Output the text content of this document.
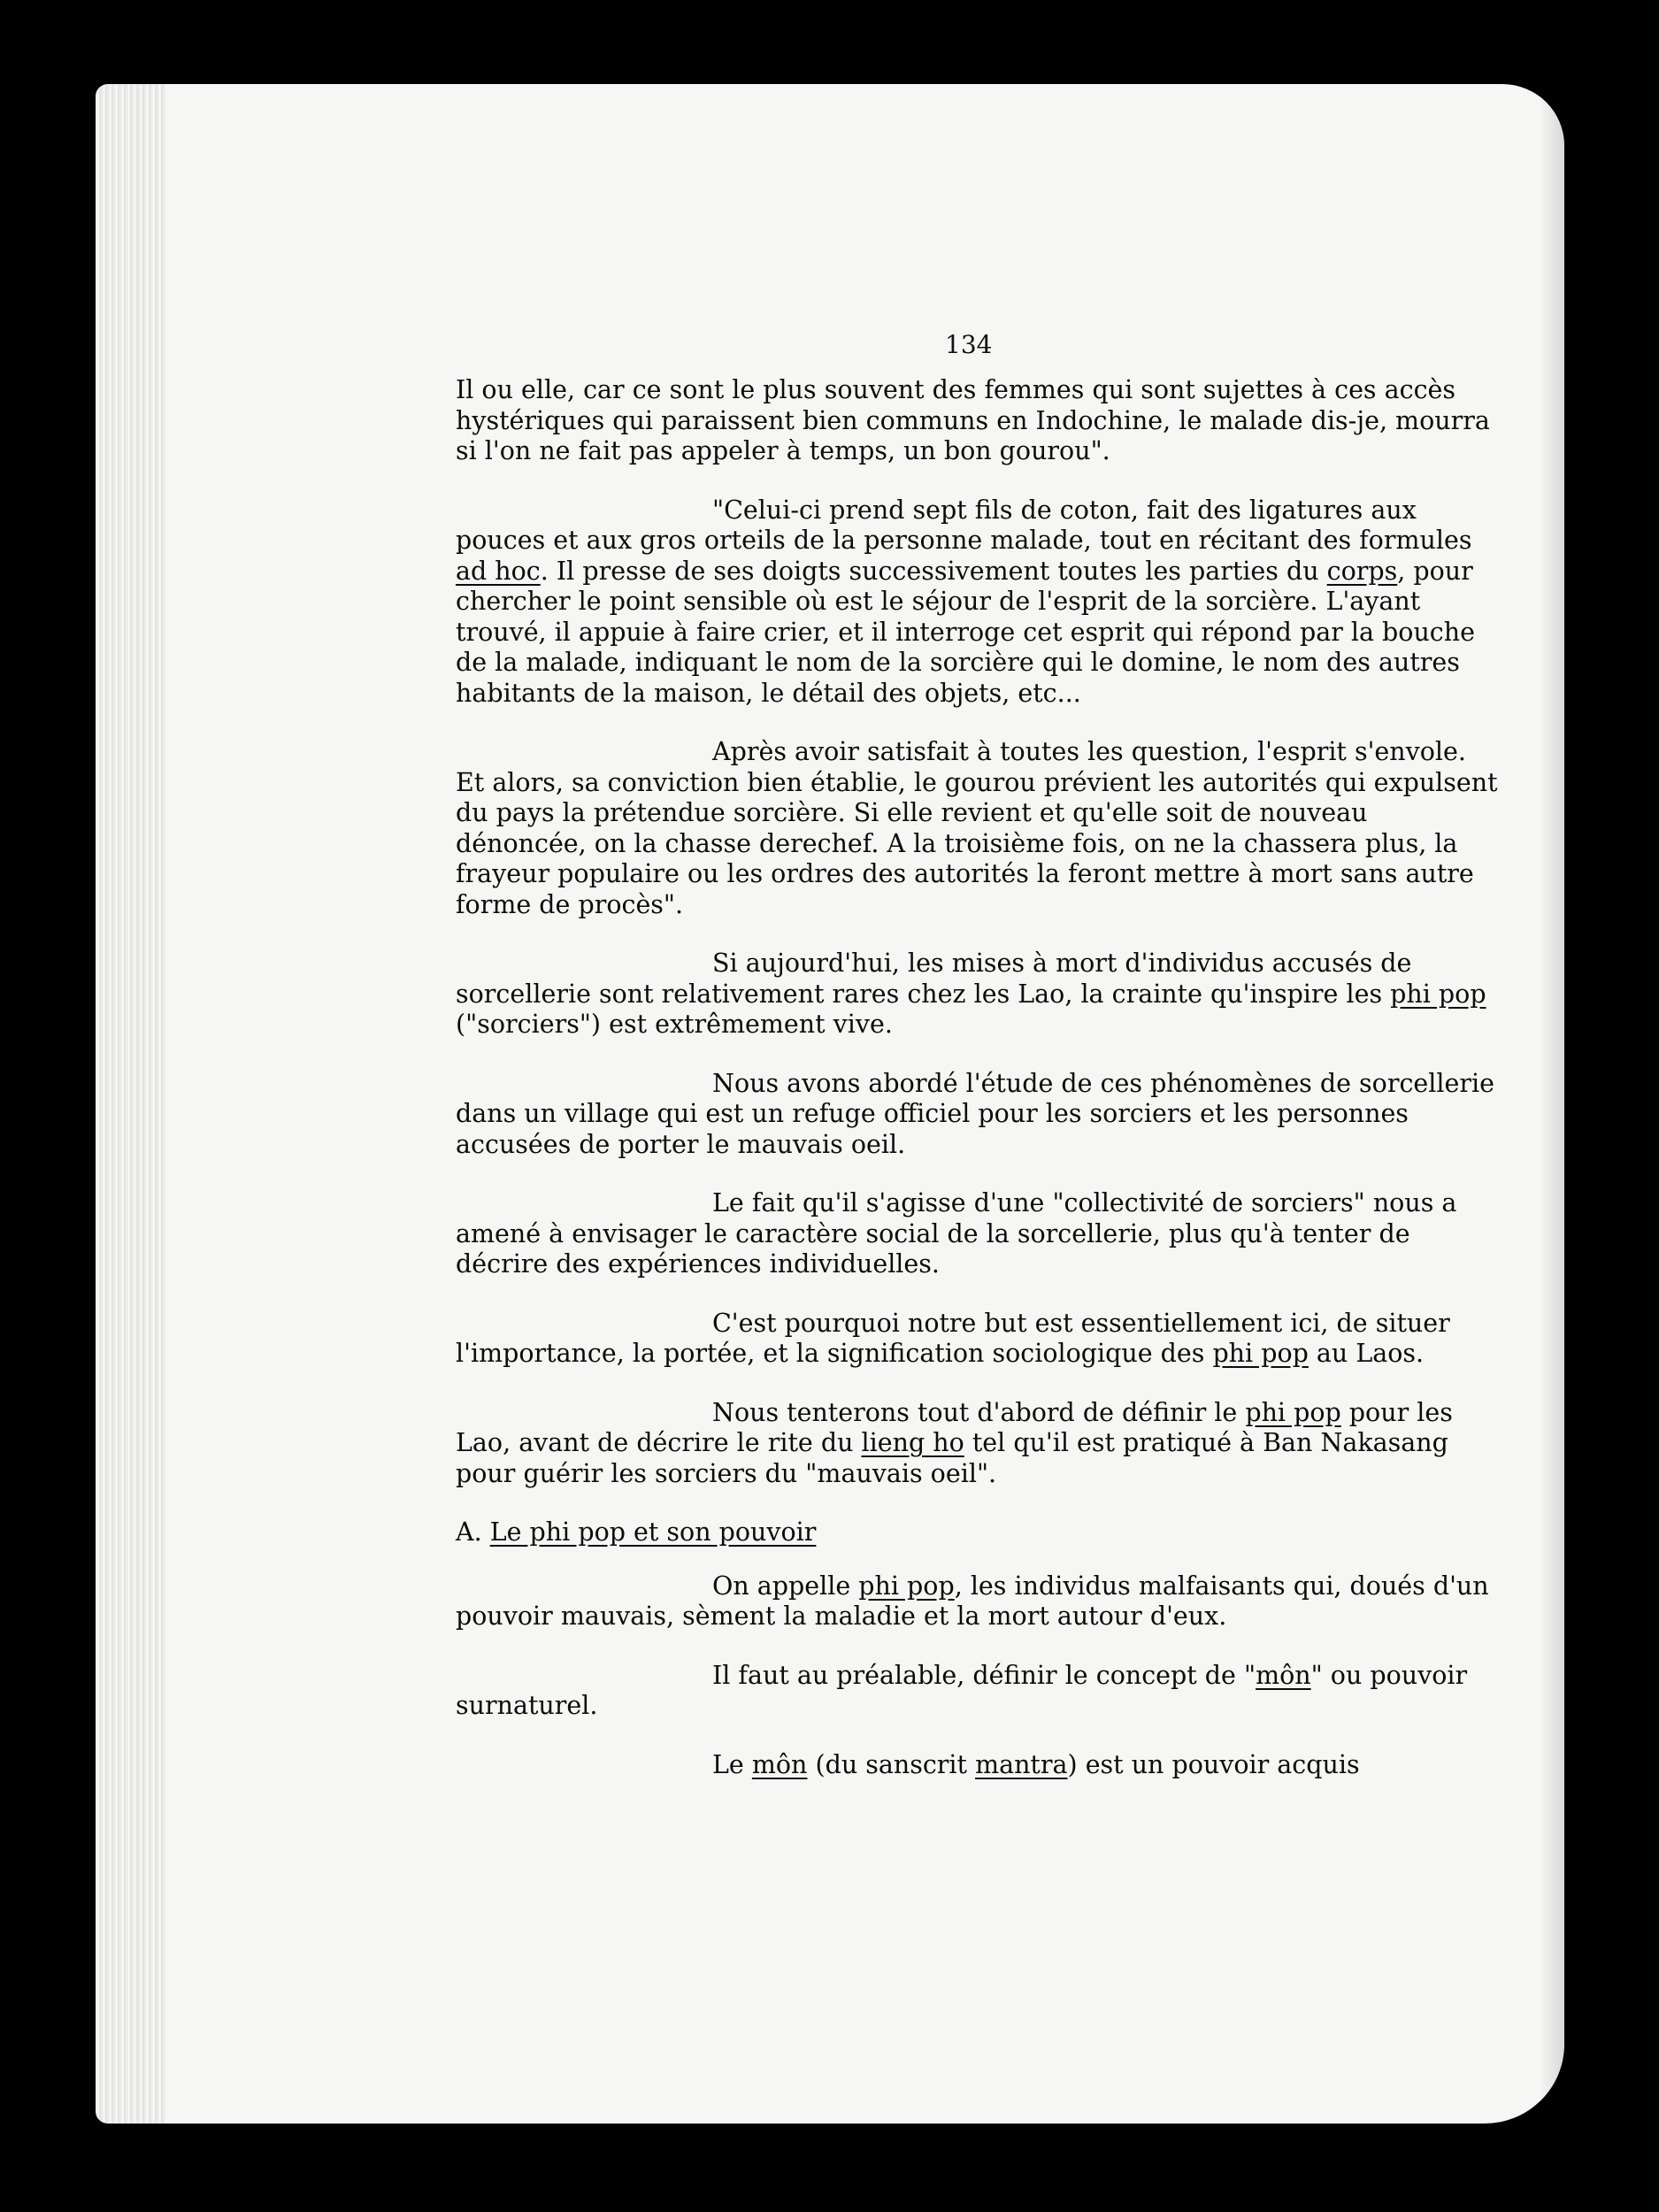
134

Il ou elle, car ce sont le plus souvent des femmes qui sont sujettes à ces accès hystériques qui paraissent bien communs en Indochine, le malade dis-je, mourra si l'on ne fait pas appeler à temps, un bon gourou".

"Celui-ci prend sept fils de coton, fait des ligatures aux pouces et aux gros orteils de la personne malade, tout en récitant des formules ad hoc. Il presse de ses doigts successivement toutes les parties du corps, pour chercher le point sensible où est le séjour de l'esprit de la sorcière. L'ayant trouvé, il appuie à faire crier, et il interroge cet esprit qui répond par la bouche de la malade, indiquant le nom de la sorcière qui le domine, le nom des autres habitants de la maison, le détail des objets, etc...

Après avoir satisfait à toutes les question, l'esprit s'envole. Et alors, sa conviction bien établie, le gourou prévient les autorités qui expulsent du pays la prétendue sorcière. Si elle revient et qu'elle soit de nouveau dénoncée, on la chasse derechef. A la troisième fois, on ne la chassera plus, la frayeur populaire ou les ordres des autorités la feront mettre à mort sans autre forme de procès".

Si aujourd'hui, les mises à mort d'individus accusés de sorcellerie sont relativement rares chez les Lao, la crainte qu'inspire les phi pop ("sorciers") est extrêmement vive.

Nous avons abordé l'étude de ces phénomènes de sorcellerie dans un village qui est un refuge officiel pour les sorciers et les personnes accusées de porter le mauvais oeil.

Le fait qu'il s'agisse d'une "collectivité de sorciers" nous a amené à envisager le caractère social de la sorcellerie, plus qu'à tenter de décrire des expériences individuelles.

C'est pourquoi notre but est essentiellement ici, de situer l'importance, la portée, et la signification sociologique des phi pop au Laos.

Nous tenterons tout d'abord de définir le phi pop pour les Lao, avant de décrire le rite du lieng ho tel qu'il est pratiqué à Ban Nakasang pour guérir les sorciers du "mauvais oeil".

A. Le phi pop et son pouvoir

On appelle phi pop, les individus malfaisants qui, doués d'un pouvoir mauvais, sèment la maladie et la mort autour d'eux.

Il faut au préalable, définir le concept de "môn" ou pouvoir surnaturel.

Le môn (du sanscrit mantra) est un pouvoir acquis
